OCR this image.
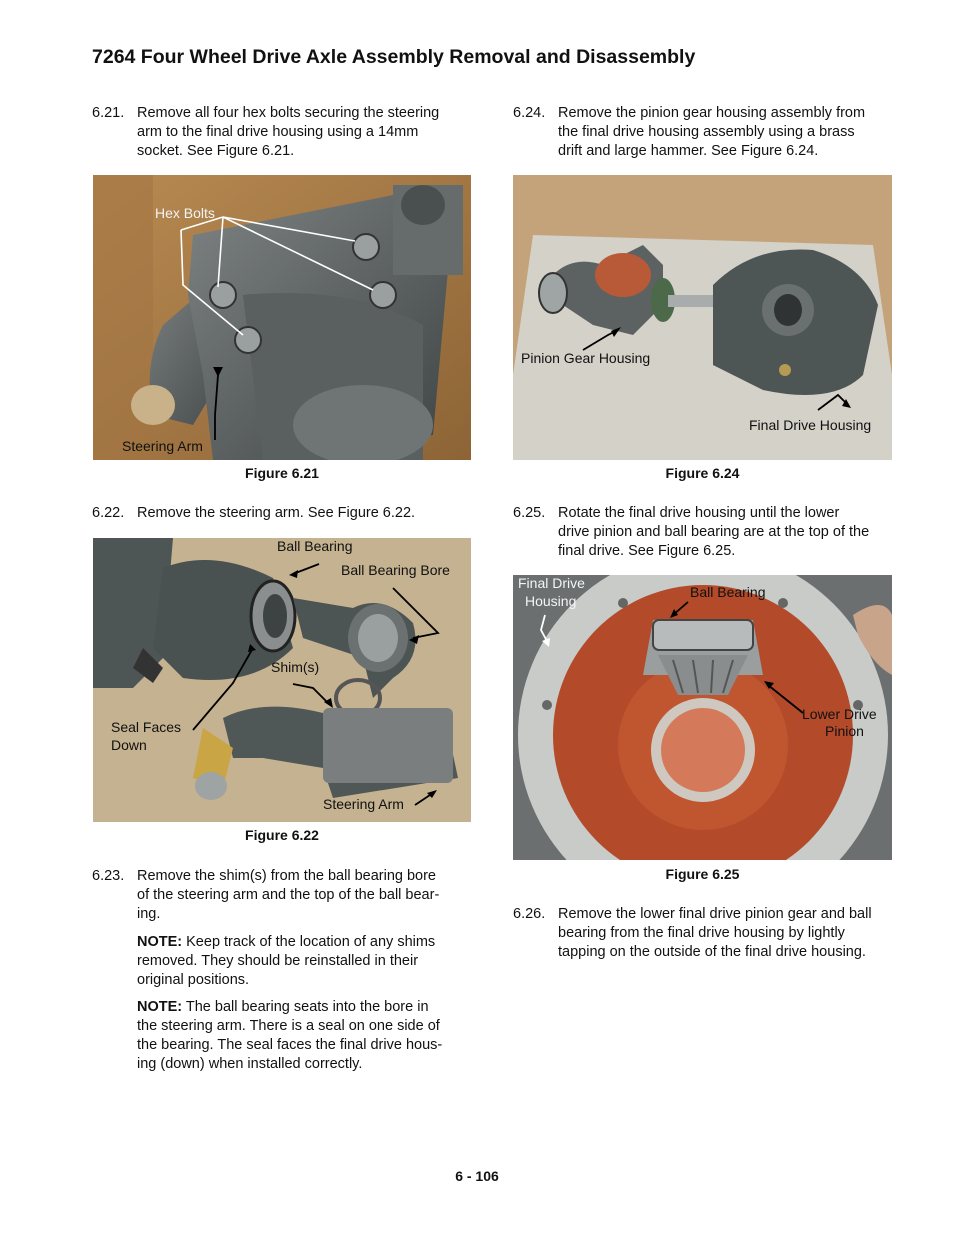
7264 Four Wheel Drive Axle Assembly Removal and Disassembly
6.21. Remove all four hex bolts securing the steering
arm to the final drive housing using a 14mm
socket. See Figure 6.21.
Hex Bolts
Steering Arm
Figure 6.21
6.22. Remove the steering arm. See Figure 6.22.
Ball Bearing
Ball Bearing Bore
Shim(s)
Seal Faces
Down
Steering Arm
Figure 6.22
6.23. Remove the shim(s) from the ball bearing bore
of the steering arm and the top of the ball bear-
ing.
NOTE: Keep track of the location of any shims
removed. They should be reinstalled in their
original positions.
NOTE: The ball bearing seats into the bore in
the steering arm. There is a seal on one side of
the bearing. The seal faces the final drive hous-
ing (down) when installed correctly.
6.24. Remove the pinion gear housing assembly from
the final drive housing assembly using a brass
drift and large hammer. See Figure 6.24.
Pinion Gear Housing
Final Drive Housing
Figure 6.24
6.25. Rotate the final drive housing until the lower
drive pinion and ball bearing are at the top of the
final drive. See Figure 6.25.
Final Drive
Housing
Ball Bearing
Lower Drive
Pinion
Figure 6.25
6.26. Remove the lower final drive pinion gear and ball
bearing from the final drive housing by lightly
tapping on the outside of the final drive housing.
6 - 106
